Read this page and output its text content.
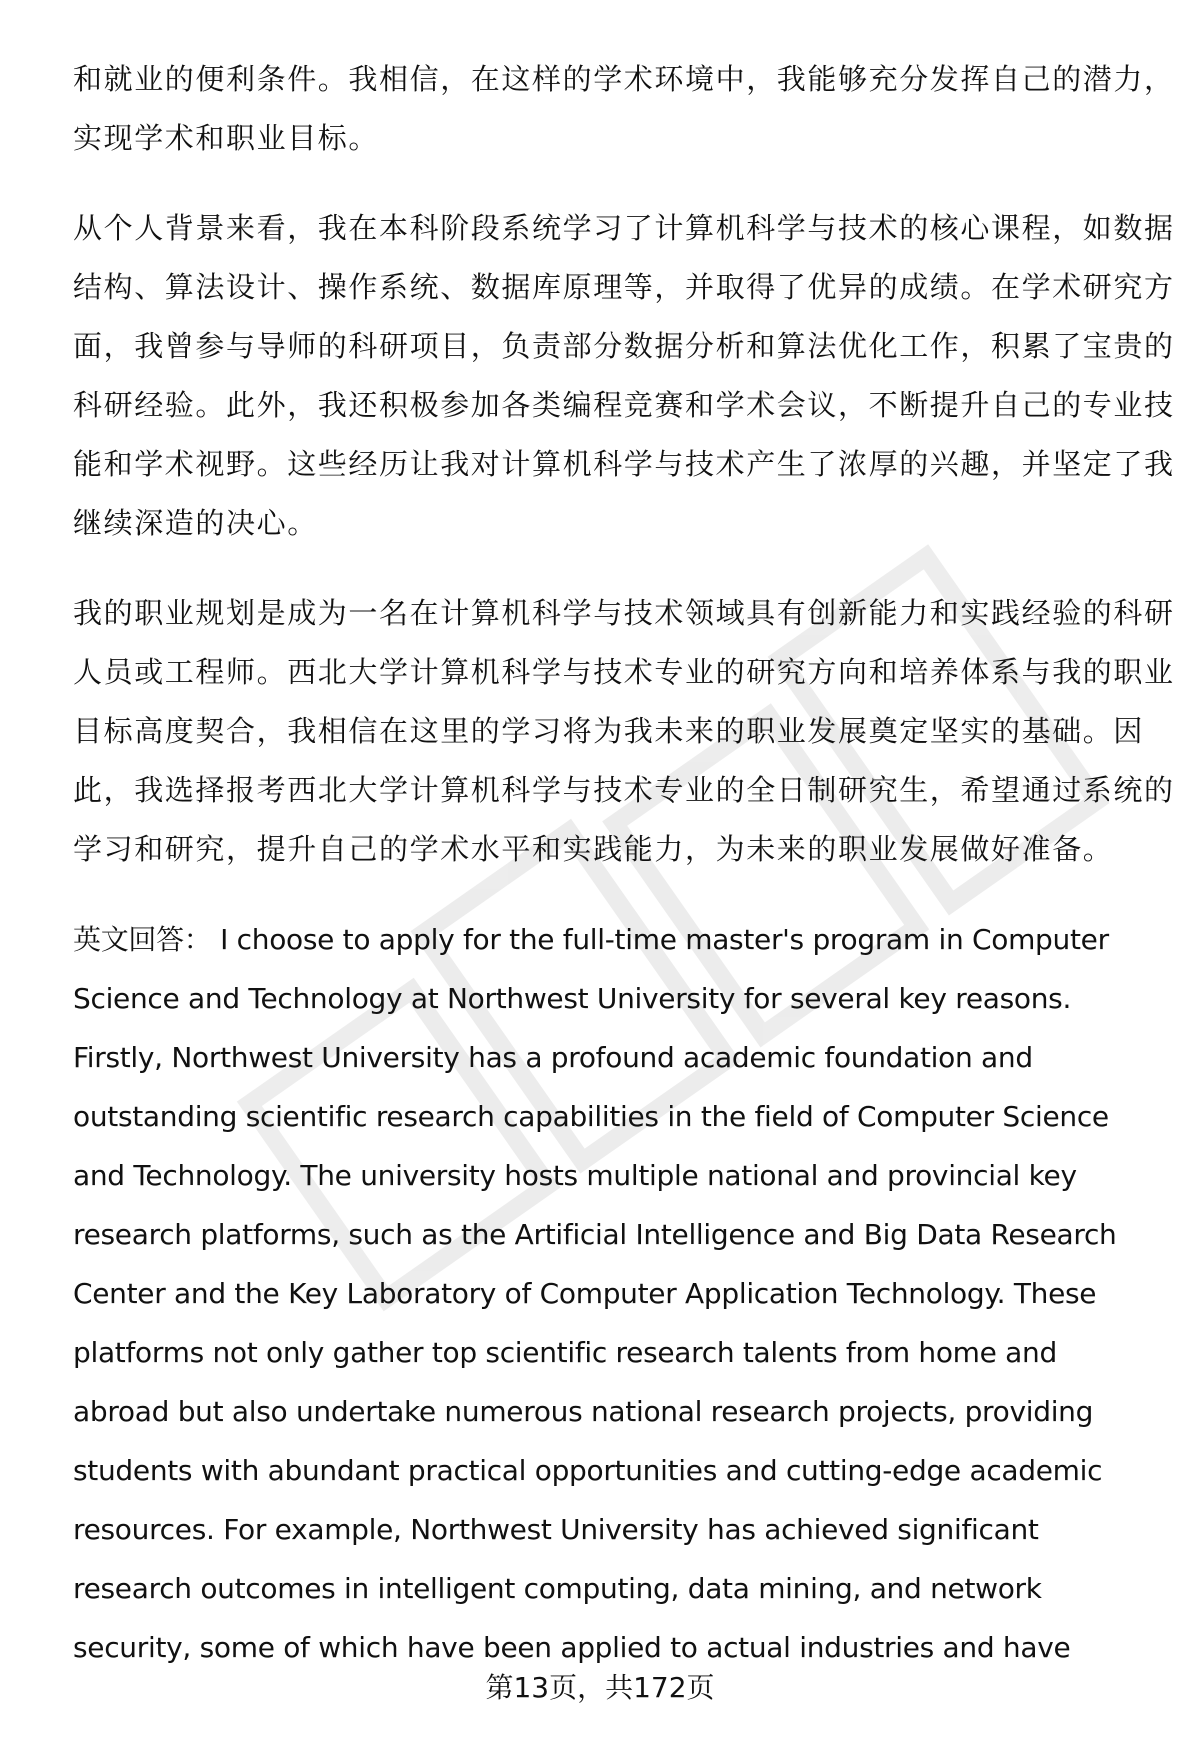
和就业的便利条件。我相信，在这样的学术环境中，我能够充分发挥自己的潜力，
实现学术和职业目标。
从个人背景来看，我在本科阶段系统学习了计算机科学与技术的核心课程，如数据
结构、算法设计、操作系统、数据库原理等，并取得了优异的成绩。在学术研究方
面，我曾参与导师的科研项目，负责部分数据分析和算法优化工作，积累了宝贵的
科研经验。此外，我还积极参加各类编程竞赛和学术会议，不断提升自己的专业技
能和学术视野。这些经历让我对计算机科学与技术产生了浓厚的兴趣，并坚定了我
继续深造的决心。
我的职业规划是成为一名在计算机科学与技术领域具有创新能力和实践经验的科研
人员或工程师。西北大学计算机科学与技术专业的研究方向和培养体系与我的职业
目标高度契合，我相信在这里的学习将为我未来的职业发展奠定坚实的基础。因
此，我选择报考西北大学计算机科学与技术专业的全日制研究生，希望通过系统的
学习和研究，提升自己的学术水平和实践能力，为未来的职业发展做好准备。
英文回答： I choose to apply for the full-time master's program in Computer
Science and Technology at Northwest University for several key reasons.
Firstly, Northwest University has a profound academic foundation and
outstanding scientific research capabilities in the field of Computer Science
and Technology. The university hosts multiple national and provincial key
research platforms, such as the Artificial Intelligence and Big Data Research
Center and the Key Laboratory of Computer Application Technology. These
platforms not only gather top scientific research talents from home and
abroad but also undertake numerous national research projects, providing
students with abundant practical opportunities and cutting-edge academic
resources. For example, Northwest University has achieved significant
research outcomes in intelligent computing, data mining, and network
security, some of which have been applied to actual industries and have
第13页，共172页
